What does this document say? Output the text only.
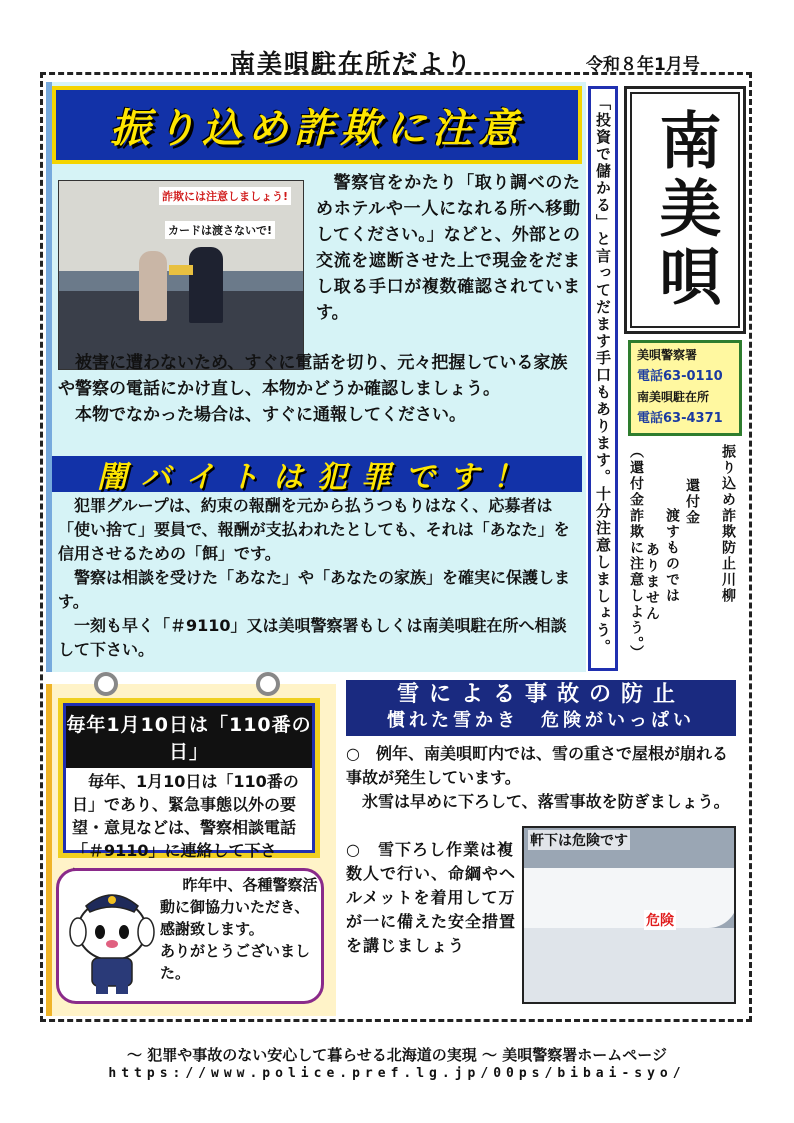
南美唄駐在所だより	令和８年1月号
振り込め詐欺に注意
詐欺には注意しましょう!
カードは渡さないで!
　警察官をかたり「取り調べのためホテルや一人になれる所へ移動してください。」などと、外部との交流を遮断させた上で現金をだまし取る手口が複数確認されています。
　被害に遭わないため、すぐに電話を切り、元々把握している家族や警察の電話にかけ直し、本物かどうか確認しましょう。
　本物でなかった場合は、すぐに通報してください。
闇バイトは犯罪です！

犯罪グループは、約束の報酬を元から払うつもりはなく、応募者は「使い捨て」要員で、報酬が支払われたとしても、それは「あなた」を信用させるための「餌」です。

警察は相談を受けた「あなた」や「あなたの家族」を確実に保護します。

一刻も早く「＃9110」又は美唄警察署もしくは南美唄駐在所へ相談して下さい。	「投資で儲かる」と言ってだます手口もあります。十分注意しましょう。 南美唄
美唄警察署
電話63-0110
南美唄駐在所
電話63-4371
振り込め詐欺防止川柳
還付金
渡すものでは
ありません
（還付金詐欺に注意しよう。）
毎年1月10日は「110番の日」
毎年、1月10日は「110番の日」であり、緊急事態以外の要望・意見などは、警察相談電話「＃9110」に連絡して下さ
昨年中、各種警察活動に御協力いただき、感謝致します。
ありがとうございました。
雪による事故の防止
慣れた雪かき　危険がいっぱい

○　例年、南美唄町内では、雪の重さで屋根が崩れる事故が発生しています。

　氷雪は早めに下ろして、落雪事故を防ぎましょう。

○　雪下ろし作業は複数人で行い、命綱やヘルメットを着用して万が一に備えた安全措置を講じましょう
軒下は危険です
危険
～ 犯罪や事故のない安心して暮らせる北海道の実現 ～ 美唄警察署ホームページ
https://www.police.pref.lg.jp/00ps/bibai-syo/
